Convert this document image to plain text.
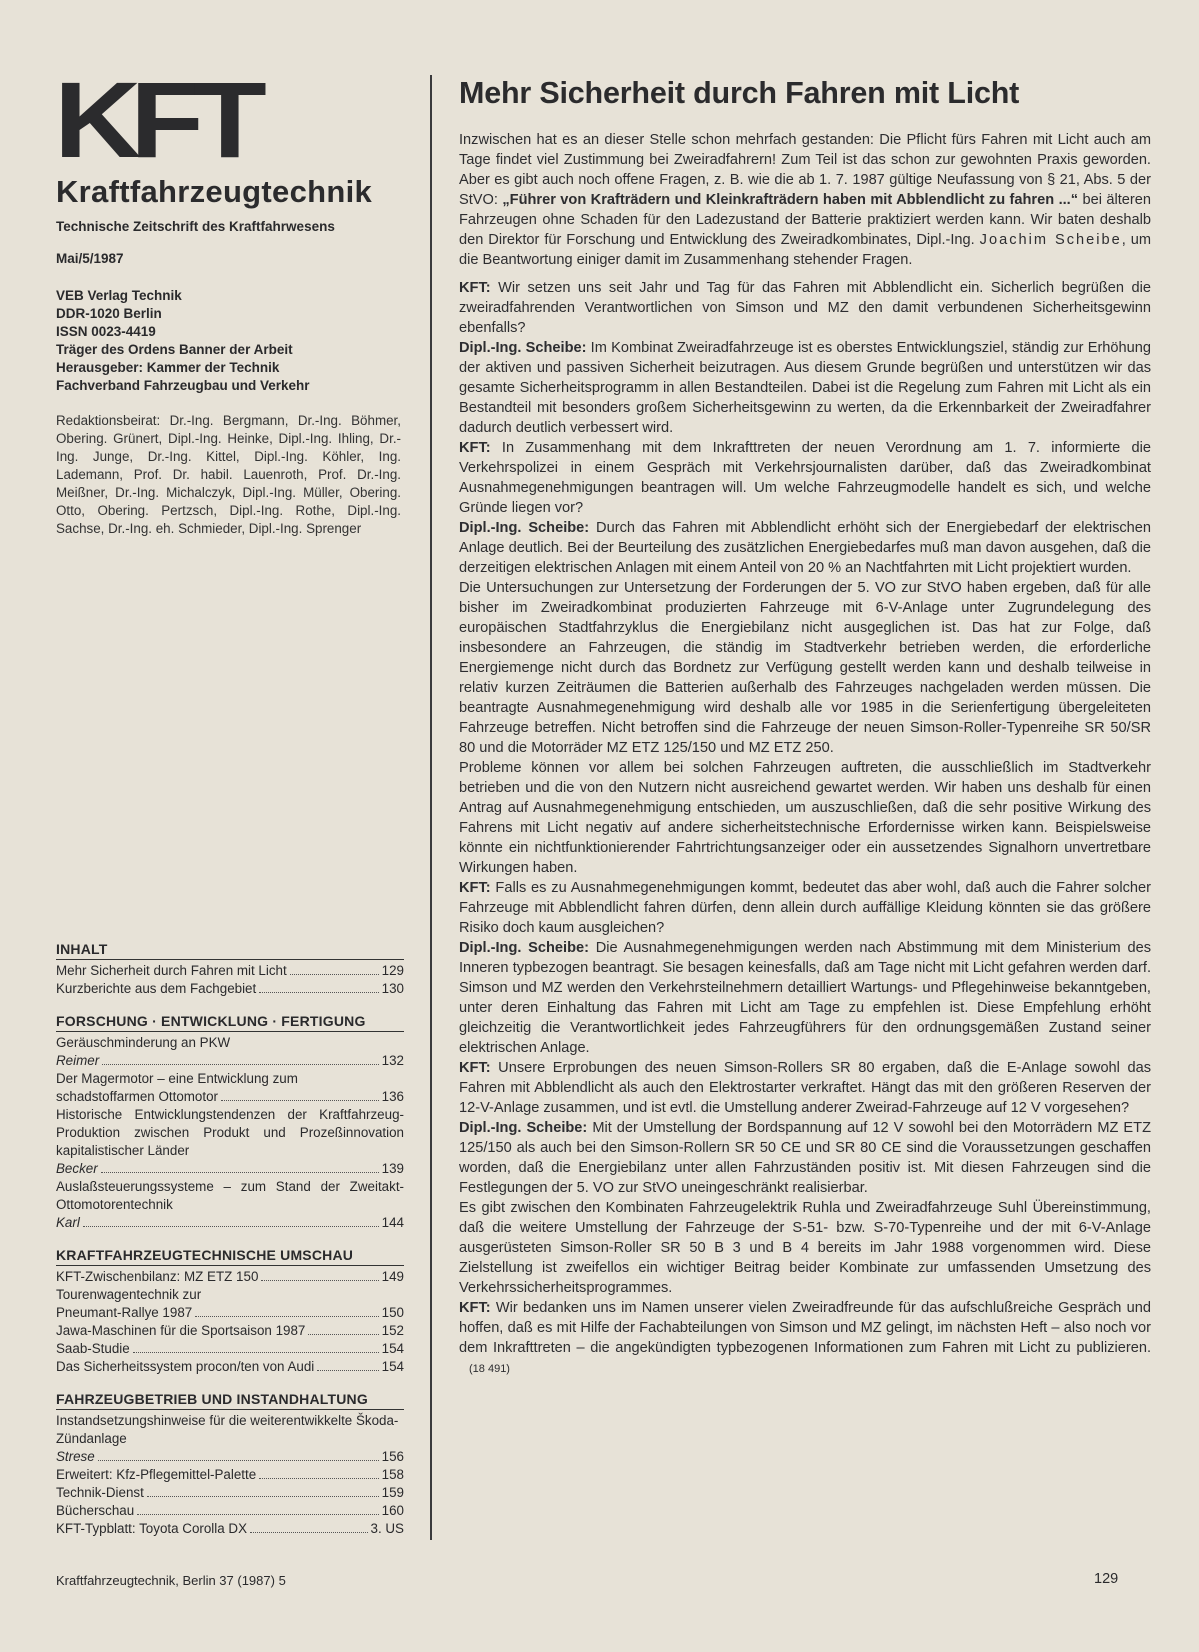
KFT
Kraftfahrzeugtechnik
Technische Zeitschrift des Kraftfahrwesens
Mai/5/1987
VEB Verlag Technik
DDR-1020 Berlin
ISSN 0023-4419
Träger des Ordens Banner der Arbeit
Herausgeber: Kammer der Technik
Fachverband Fahrzeugbau und Verkehr
Redaktionsbeirat: Dr.-Ing. Bergmann, Dr.-Ing. Böhmer, Obering. Grünert, Dipl.-Ing. Heinke, Dipl.-Ing. Ihling, Dr.-Ing. Junge, Dr.-Ing. Kittel, Dipl.-Ing. Köhler, Ing. Lademann, Prof. Dr. habil. Lauenroth, Prof. Dr.-Ing. Meißner, Dr.-Ing. Michalczyk, Dipl.-Ing. Müller, Obering. Otto, Obering. Pertzsch, Dipl.-Ing. Rothe, Dipl.-Ing. Sachse, Dr.-Ing. eh. Schmieder, Dipl.-Ing. Sprenger
INHALT
Mehr Sicherheit durch Fahren mit Licht	129
Kurzberichte aus dem Fachgebiet	130
FORSCHUNG · ENTWICKLUNG · FERTIGUNG
Geräuschminderung an PKW
Reimer	132
Der Magermotor – eine Entwicklung zum
schadstoffarmen Ottomotor	136
Historische Entwicklungstendenzen der Kraftfahrzeug-Produktion zwischen Produkt und Prozeßinnovation kapitalistischer Länder
Becker	139
Auslaßsteuerungssysteme – zum Stand der Zweitakt-Ottomotorentechnik
Karl	144
KRAFTFAHRZEUGTECHNISCHE UMSCHAU
KFT-Zwischenbilanz: MZ ETZ 150	149
Tourenwagentechnik zur
Pneumant-Rallye 1987	150
Jawa-Maschinen für die Sportsaison 1987	152
Saab-Studie	154
Das Sicherheitssystem procon/ten von Audi	154
FAHRZEUGBETRIEB UND INSTANDHALTUNG
Instandsetzungshinweise für die weiterentwikkelte Škoda-Zündanlage
Strese	156
Erweitert: Kfz-Pflegemittel-Palette	158
Technik-Dienst	159
Bücherschau	160
KFT-Typblatt: Toyota Corolla DX	3. US
Mehr Sicherheit durch Fahren mit Licht

Inzwischen hat es an dieser Stelle schon mehrfach gestanden: Die Pflicht fürs Fahren mit Licht auch am Tage findet viel Zustimmung bei Zweiradfahrern! Zum Teil ist das schon zur gewohnten Praxis geworden. Aber es gibt auch noch offene Fragen, z. B. wie die ab 1. 7. 1987 gültige Neufassung von § 21, Abs. 5 der StVO: „Führer von Krafträdern und Kleinkrafträdern haben mit Abblendlicht zu fahren ...“ bei älteren Fahrzeugen ohne Schaden für den Ladezustand der Batterie praktiziert werden kann. Wir baten deshalb den Direktor für Forschung und Entwicklung des Zweiradkombinates, Dipl.-Ing. Joachim Scheibe, um die Beantwortung einiger damit im Zusammenhang stehender Fragen.

KFT: Wir setzen uns seit Jahr und Tag für das Fahren mit Abblendlicht ein. Sicherlich begrüßen die zweiradfahrenden Verantwortlichen von Simson und MZ den damit verbundenen Sicherheitsgewinn ebenfalls?

Dipl.-Ing. Scheibe: Im Kombinat Zweiradfahrzeuge ist es oberstes Entwicklungsziel, ständig zur Erhöhung der aktiven und passiven Sicherheit beizutragen. Aus diesem Grunde begrüßen und unterstützen wir das gesamte Sicherheitsprogramm in allen Bestandteilen. Dabei ist die Regelung zum Fahren mit Licht als ein Bestandteil mit besonders großem Sicherheitsgewinn zu werten, da die Erkennbarkeit der Zweiradfahrer dadurch deutlich verbessert wird.

KFT: In Zusammenhang mit dem Inkrafttreten der neuen Verordnung am 1. 7. informierte die Verkehrspolizei in einem Gespräch mit Verkehrsjournalisten darüber, daß das Zweiradkombinat Ausnahmegenehmigungen beantragen will. Um welche Fahrzeugmodelle handelt es sich, und welche Gründe liegen vor?

Dipl.-Ing. Scheibe: Durch das Fahren mit Abblendlicht erhöht sich der Energiebedarf der elektrischen Anlage deutlich. Bei der Beurteilung des zusätzlichen Energiebedarfes muß man davon ausgehen, daß die derzeitigen elektrischen Anlagen mit einem Anteil von 20 % an Nachtfahrten mit Licht projektiert wurden.

Die Untersuchungen zur Untersetzung der Forderungen der 5. VO zur StVO haben ergeben, daß für alle bisher im Zweiradkombinat produzierten Fahrzeuge mit 6-V-Anlage unter Zugrundelegung des europäischen Stadtfahrzyklus die Energiebilanz nicht ausgeglichen ist. Das hat zur Folge, daß insbesondere an Fahrzeugen, die ständig im Stadtverkehr betrieben werden, die erforderliche Energiemenge nicht durch das Bordnetz zur Verfügung gestellt werden kann und deshalb teilweise in relativ kurzen Zeiträumen die Batterien außerhalb des Fahrzeuges nachgeladen werden müssen. Die beantragte Ausnahmegenehmigung wird deshalb alle vor 1985 in die Serienfertigung übergeleiteten Fahrzeuge betreffen. Nicht betroffen sind die Fahrzeuge der neuen Simson-Roller-Typenreihe SR 50/SR 80 und die Motorräder MZ ETZ 125/150 und MZ ETZ 250.

Probleme können vor allem bei solchen Fahrzeugen auftreten, die ausschließlich im Stadtverkehr betrieben und die von den Nutzern nicht ausreichend gewartet werden. Wir haben uns deshalb für einen Antrag auf Ausnahmegenehmigung entschieden, um auszuschließen, daß die sehr positive Wirkung des Fahrens mit Licht negativ auf andere sicherheitstechnische Erfordernisse wirken kann. Beispielsweise könnte ein nichtfunktionierender Fahrtrichtungsanzeiger oder ein aussetzendes Signalhorn unvertretbare Wirkungen haben.

KFT: Falls es zu Ausnahmegenehmigungen kommt, bedeutet das aber wohl, daß auch die Fahrer solcher Fahrzeuge mit Abblendlicht fahren dürfen, denn allein durch auffällige Kleidung könnten sie das größere Risiko doch kaum ausgleichen?

Dipl.-Ing. Scheibe: Die Ausnahmegenehmigungen werden nach Abstimmung mit dem Ministerium des Inneren typbezogen beantragt. Sie besagen keinesfalls, daß am Tage nicht mit Licht gefahren werden darf. Simson und MZ werden den Verkehrsteilnehmern detailliert Wartungs- und Pflegehinweise bekanntgeben, unter deren Einhaltung das Fahren mit Licht am Tage zu empfehlen ist. Diese Empfehlung erhöht gleichzeitig die Verantwortlichkeit jedes Fahrzeugführers für den ordnungsgemäßen Zustand seiner elektrischen Anlage.

KFT: Unsere Erprobungen des neuen Simson-Rollers SR 80 ergaben, daß die E-Anlage sowohl das Fahren mit Abblendlicht als auch den Elektrostarter verkraftet. Hängt das mit den größeren Reserven der 12-V-Anlage zusammen, und ist evtl. die Umstellung anderer Zweirad-Fahrzeuge auf 12 V vorgesehen?

Dipl.-Ing. Scheibe: Mit der Umstellung der Bordspannung auf 12 V sowohl bei den Motorrädern MZ ETZ 125/150 als auch bei den Simson-Rollern SR 50 CE und SR 80 CE sind die Voraussetzungen geschaffen worden, daß die Energiebilanz unter allen Fahrzuständen positiv ist. Mit diesen Fahrzeugen sind die Festlegungen der 5. VO zur StVO uneingeschränkt realisierbar.

Es gibt zwischen den Kombinaten Fahrzeugelektrik Ruhla und Zweiradfahrzeuge Suhl Übereinstimmung, daß die weitere Umstellung der Fahrzeuge der S-51- bzw. S-70-Typenreihe und der mit 6-V-Anlage ausgerüsteten Simson-Roller SR 50 B 3 und B 4 bereits im Jahr 1988 vorgenommen wird. Diese Zielstellung ist zweifellos ein wichtiger Beitrag beider Kombinate zur umfassenden Umsetzung des Verkehrssicherheitsprogrammes.

KFT: Wir bedanken uns im Namen unserer vielen Zweiradfreunde für das aufschlußreiche Gespräch und hoffen, daß es mit Hilfe der Fachabteilungen von Simson und MZ gelingt, im nächsten Heft – also noch vor dem Inkrafttreten – die angekündigten typbezogenen Informationen zum Fahren mit Licht zu publizieren.(18 491)

Kraftfahrzeugtechnik, Berlin 37 (1987) 5	129
